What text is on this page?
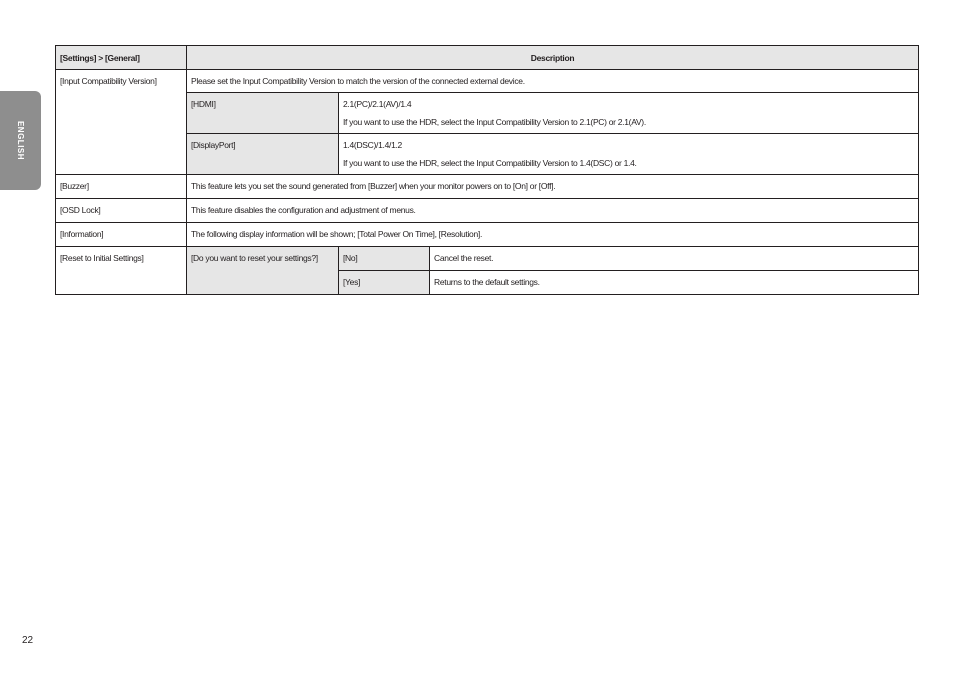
ENGLISH
[Settings] > [General]	Description		
[Input Compatibility Version]	Please set the Input Compatibility Version to match the version of the connected external device.		
	[HDMI]	2.1(PC)/2.1(AV)/1.4
If you want to use the HDR, select the Input Compatibility Version to 2.1(PC) or 2.1(AV).	

	[DisplayPort]	1.4(DSC)/1.4/1.2
If you want to use the HDR, select the Input Compatibility Version to 1.4(DSC) or 1.4.	

[Buzzer]	This feature lets you set the sound generated from [Buzzer] when your monitor powers on to [On] or [Off].		
[OSD Lock]	This feature disables the configuration and adjustment of menus.		
[Information]	The following display information will be shown; [Total Power On Time], [Resolution].		
[Reset to Initial Settings]	[Do you want to reset your settings?]	[No]	Cancel the reset.
		[Yes]	Returns to the default settings.
22
